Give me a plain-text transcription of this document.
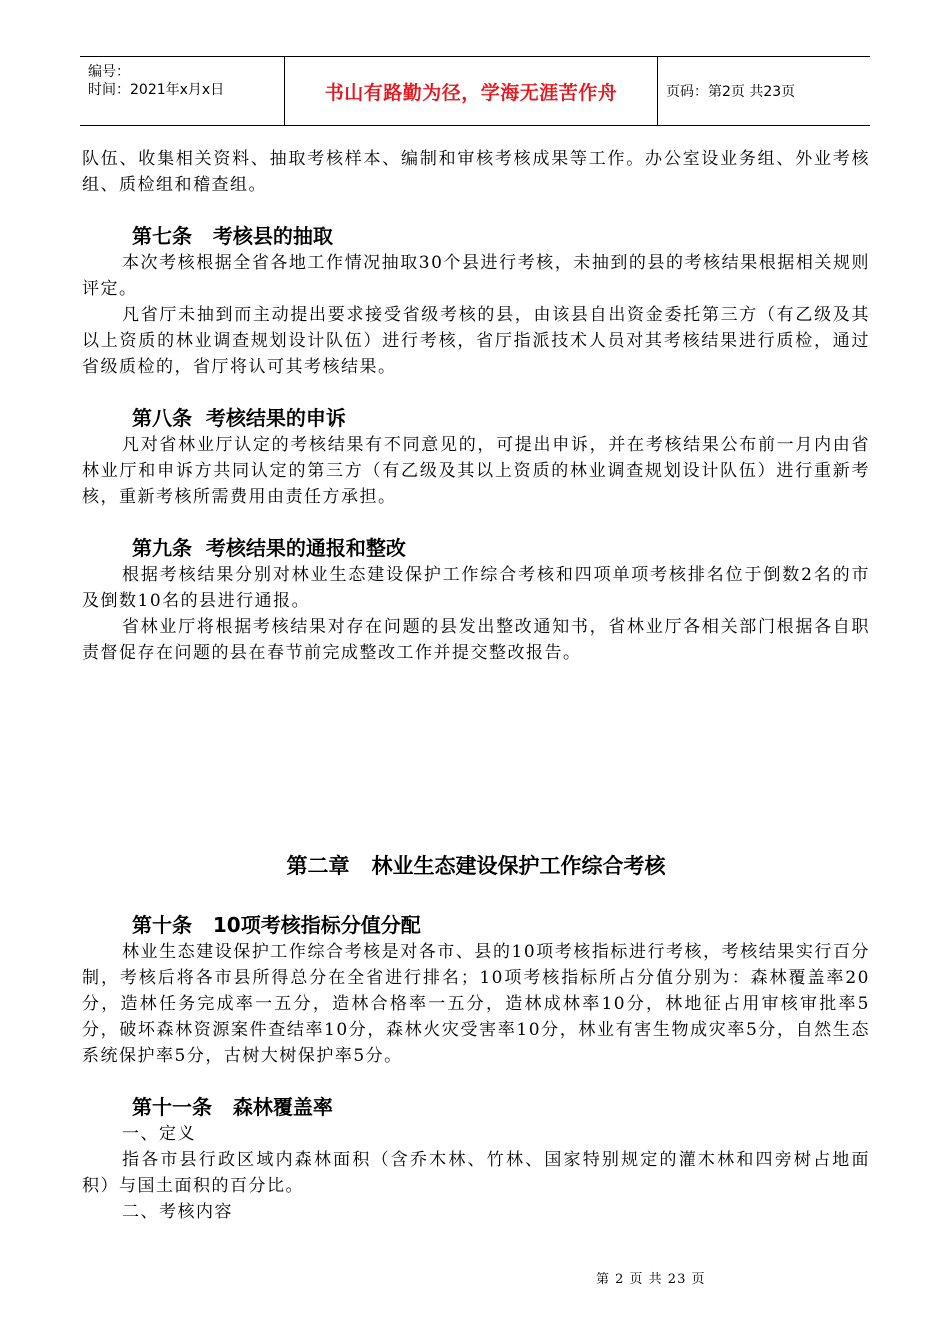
编号：
时间：2021年x月x日	书山有路勤为径，学海无涯苦作舟	页码：第2页 共23页

队伍、收集相关资料、抽取考核样本、编制和审核考核成果等工作。办公室设业务组、外业考核组、质检组和稽查组。

第七条   考核县的抽取

本次考核根据全省各地工作情况抽取30个县进行考核，未抽到的县的考核结果根据相关规则评定。

凡省厅未抽到而主动提出要求接受省级考核的县，由该县自出资金委托第三方（有乙级及其以上资质的林业调查规划设计队伍）进行考核，省厅指派技术人员对其考核结果进行质检，通过省级质检的，省厅将认可其考核结果。

第八条  考核结果的申诉

凡对省林业厅认定的考核结果有不同意见的，可提出申诉，并在考核结果公布前一月内由省林业厅和申诉方共同认定的第三方（有乙级及其以上资质的林业调查规划设计队伍）进行重新考核，重新考核所需费用由责任方承担。

第九条  考核结果的通报和整改

根据考核结果分别对林业生态建设保护工作综合考核和四项单项考核排名位于倒数2名的市及倒数10名的县进行通报。

省林业厅将根据考核结果对存在问题的县发出整改通知书，省林业厅各相关部门根据各自职责督促存在问题的县在春节前完成整改工作并提交整改报告。

第二章   林业生态建设保护工作综合考核

第十条   10项考核指标分值分配

林业生态建设保护工作综合考核是对各市、县的10项考核指标进行考核，考核结果实行百分制，考核后将各市县所得总分在全省进行排名；10项考核指标所占分值分别为：森林覆盖率20分，造林任务完成率一五分，造林合格率一五分，造林成林率10分，林地征占用审核审批率5分，破坏森林资源案件查结率10分，森林火灾受害率10分，林业有害生物成灾率5分，自然生态系统保护率5分，古树大树保护率5分。

第十一条   森林覆盖率

一、定义

指各市县行政区域内森林面积（含乔木林、竹林、国家特别规定的灌木林和四旁树占地面积）与国土面积的百分比。

二、考核内容

第 2 页 共 23 页
